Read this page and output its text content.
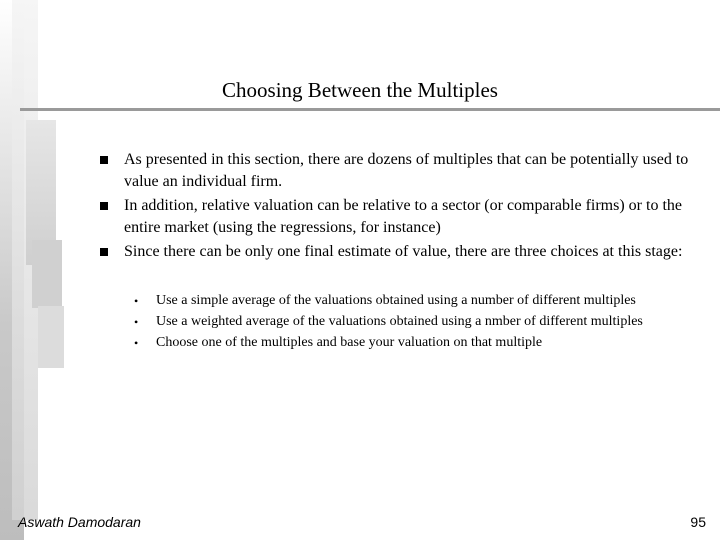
Choosing Between the Multiples
As presented in this section, there are dozens of multiples that can be potentially used to value an individual firm.
In addition, relative valuation can be relative to a sector (or comparable firms) or to the entire market (using the regressions, for instance)
Since there can be only one final estimate of value, there are three choices at this stage:
• Use a simple average of the valuations obtained using a number of different multiples
• Use a weighted average of the valuations obtained using a nmber of different multiples
• Choose one of the multiples and base your valuation on that multiple
Aswath Damodaran	95
